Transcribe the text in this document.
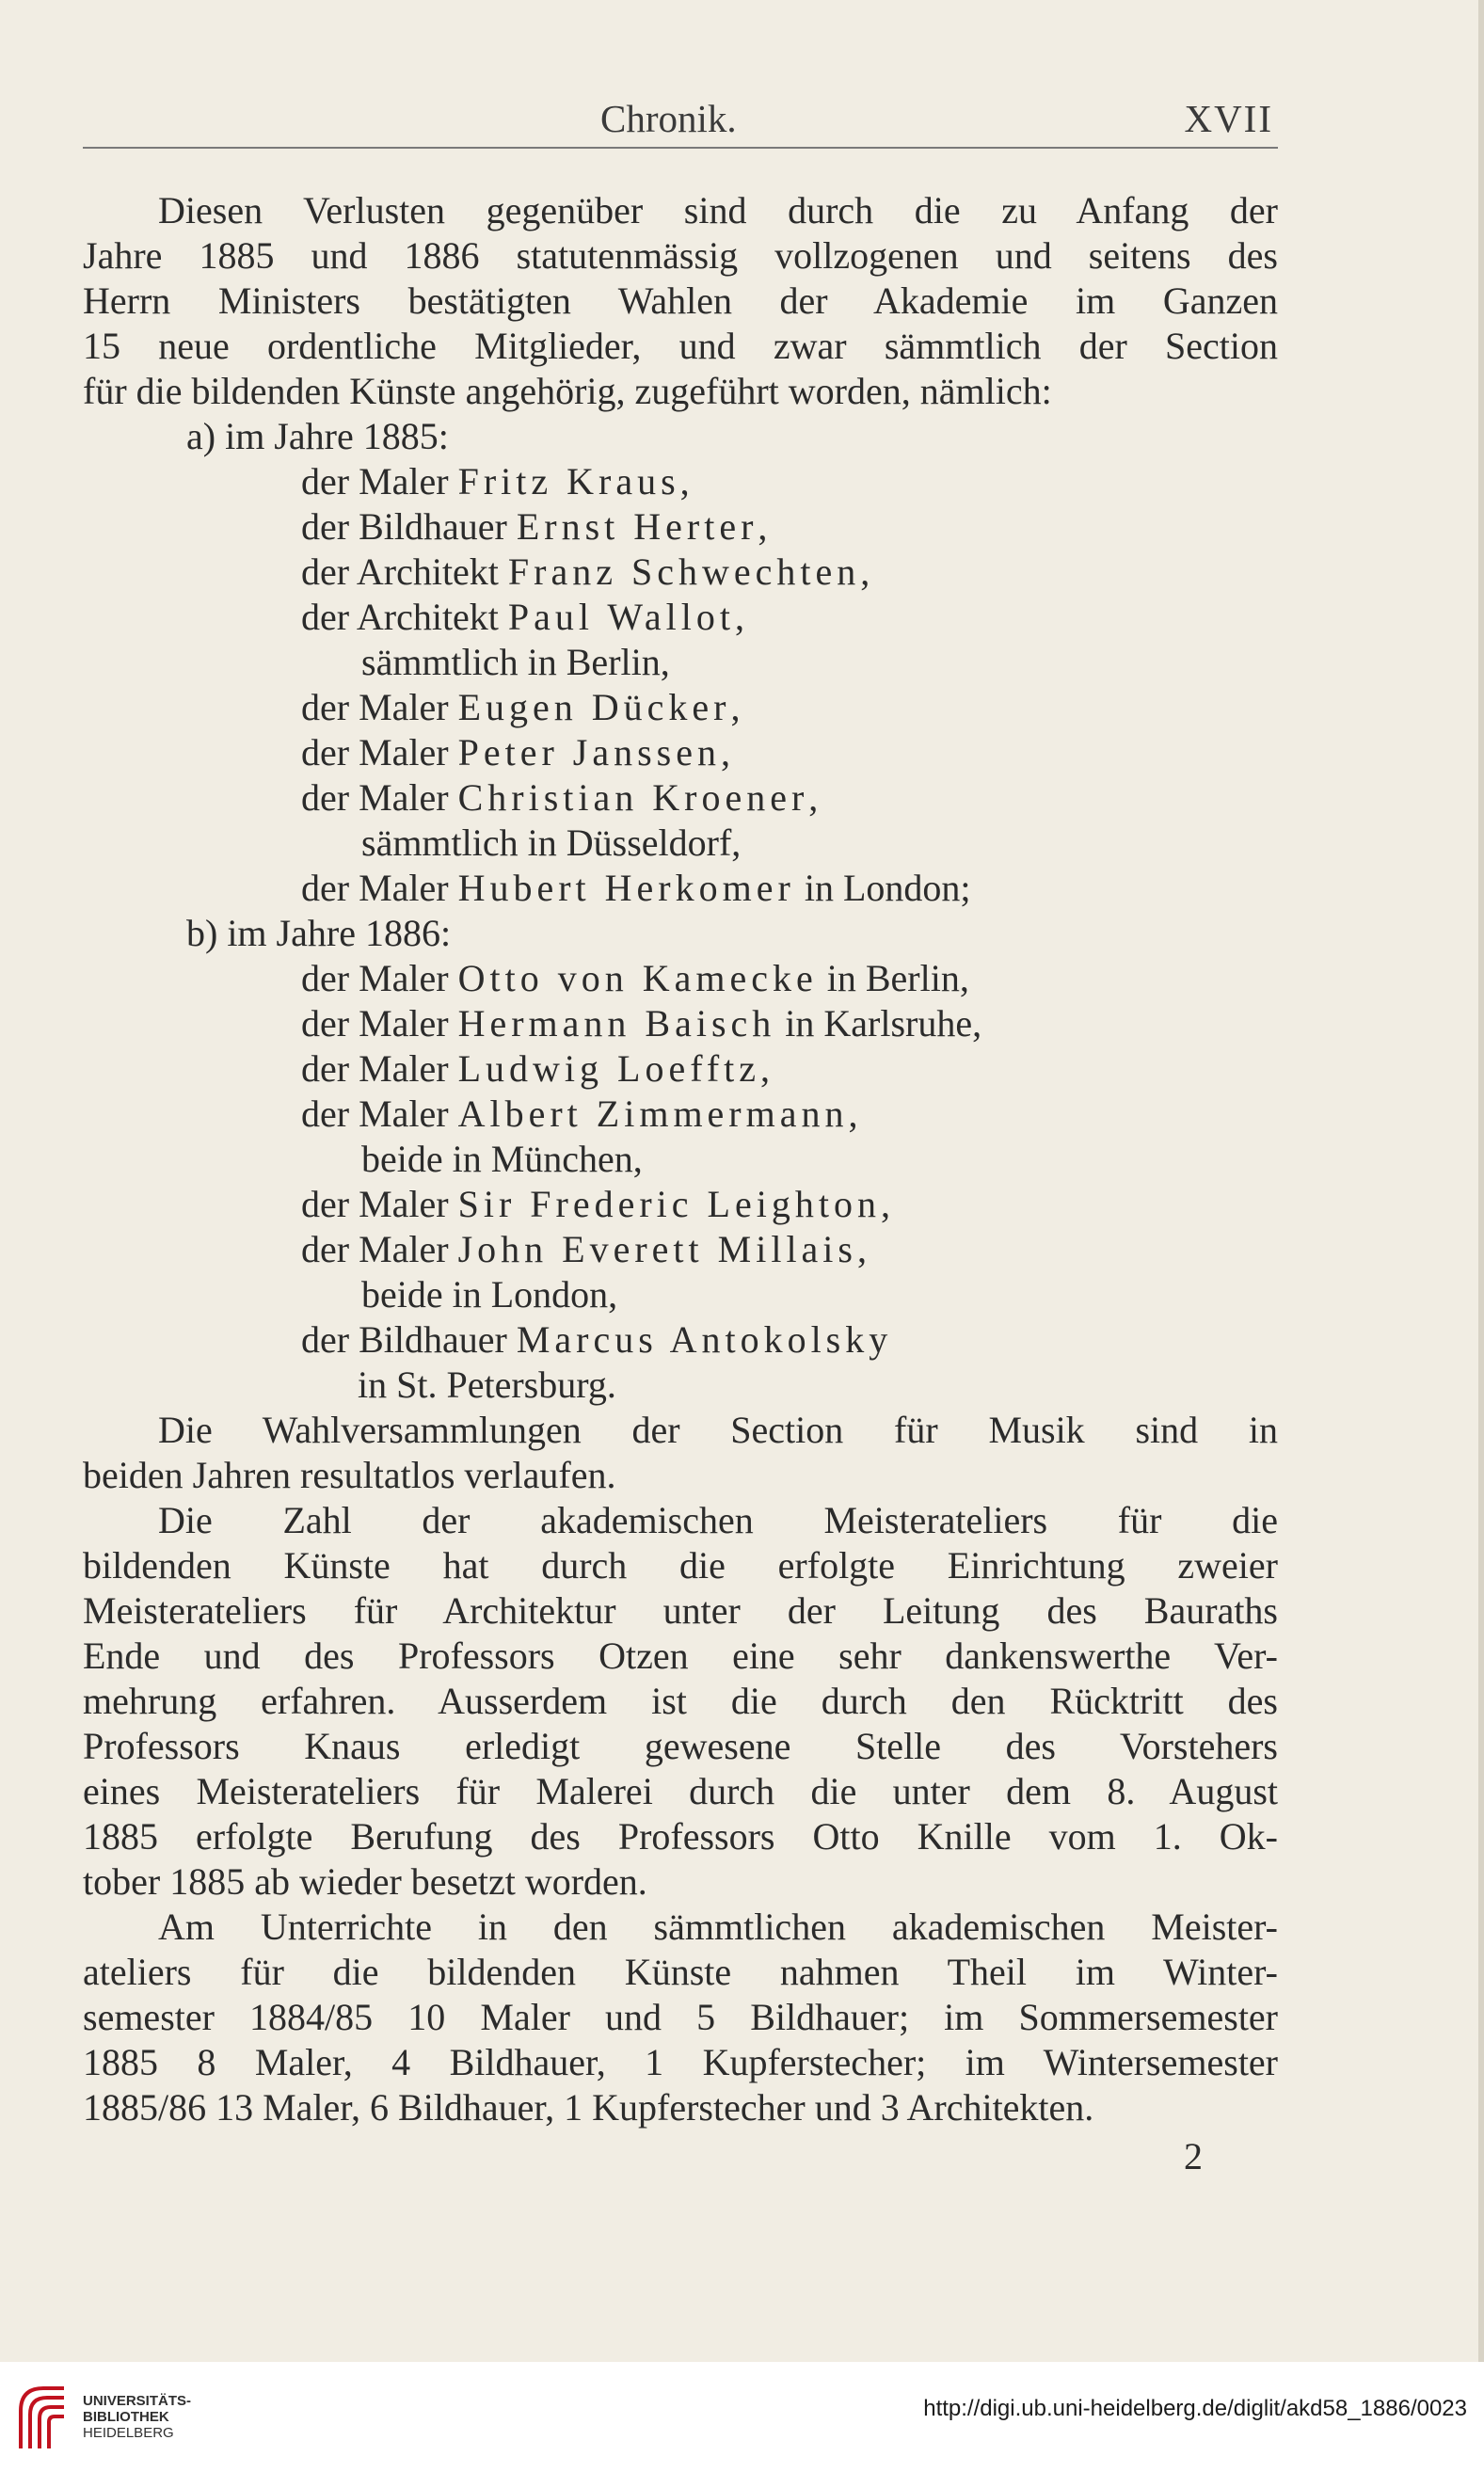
Chronik.	XVII
Diesen Verlusten gegenüber sind durch die zu Anfang der
Jahre 1885 und 1886 statutenmässig vollzogenen und seitens des
Herrn Ministers bestätigten Wahlen der Akademie im Ganzen
15 neue ordentliche Mitglieder, und zwar sämmtlich der Section
für die bildenden Künste angehörig, zugeführt worden, nämlich:
a) im Jahre 1885:
der Maler Fritz Kraus,
der Bildhauer Ernst Herter,
der Architekt Franz Schwechten,
der Architekt Paul Wallot,
sämmtlich in Berlin,
der Maler Eugen Dücker,
der Maler Peter Janssen,
der Maler Christian Kroener,
sämmtlich in Düsseldorf,
der Maler Hubert Herkomer in London;
b) im Jahre 1886:
der Maler Otto von Kamecke in Berlin,
der Maler Hermann Baisch in Karlsruhe,
der Maler Ludwig Loefftz,
der Maler Albert Zimmermann,
beide in München,
der Maler Sir Frederic Leighton,
der Maler John Everett Millais,
beide in London,
der Bildhauer Marcus Antokolsky
in St. Petersburg.
Die Wahlversammlungen der Section für Musik sind in
beiden Jahren resultatlos verlaufen.
Die Zahl der akademischen Meisterateliers für die
bildenden Künste hat durch die erfolgte Einrichtung zweier
Meisterateliers für Architektur unter der Leitung des Bauraths
Ende und des Professors Otzen eine sehr dankenswerthe Ver-
mehrung erfahren. Ausserdem ist die durch den Rücktritt des
Professors Knaus erledigt gewesene Stelle des Vorstehers
eines Meisterateliers für Malerei durch die unter dem 8. August
1885 erfolgte Berufung des Professors Otto Knille vom 1. Ok-
tober 1885 ab wieder besetzt worden.
Am Unterrichte in den sämmtlichen akademischen Meister-
ateliers für die bildenden Künste nahmen Theil im Winter-
semester 1884/85 10 Maler und 5 Bildhauer; im Sommersemester
1885 8 Maler, 4 Bildhauer, 1 Kupferstecher; im Wintersemester
1885/86 13 Maler, 6 Bildhauer, 1 Kupferstecher und 3 Architekten.
2
UNIVERSITÄTS-
BIBLIOTHEK
HEIDELBERG
http://digi.ub.uni-heidelberg.de/diglit/akd58_1886/0023
